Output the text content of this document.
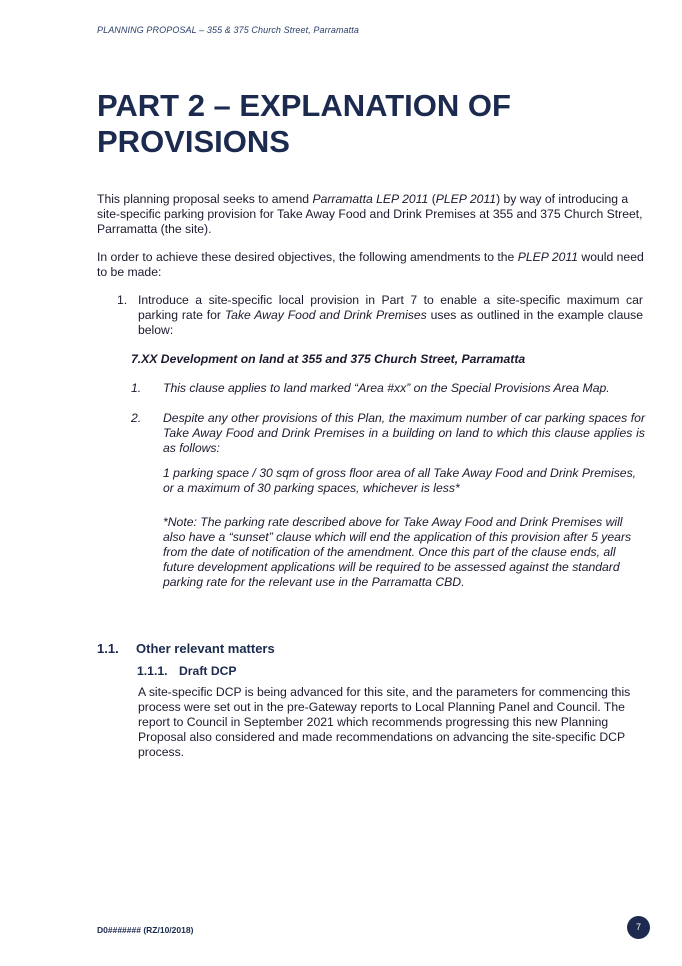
PLANNING PROPOSAL – 355 & 375 Church Street, Parramatta
PART 2 – EXPLANATION OF PROVISIONS

This planning proposal seeks to amend Parramatta LEP 2011 (PLEP 2011) by way of introducing a site-specific parking provision for Take Away Food and Drink Premises at 355 and 375 Church Street, Parramatta (the site).

In order to achieve these desired objectives, the following amendments to the PLEP 2011 would need to be made:

1. Introduce a site-specific local provision in Part 7 to enable a site-specific maximum car parking rate for Take Away Food and Drink Premises uses as outlined in the example clause below:
7.XX Development on land at 355 and 375 Church Street, Parramatta
1. This clause applies to land marked “Area #xx” on the Special Provisions Area Map.
2. Despite any other provisions of this Plan, the maximum number of car parking spaces for Take Away Food and Drink Premises in a building on land to which this clause applies is as follows:
1 parking space / 30 sqm of gross floor area of all Take Away Food and Drink Premises, or a maximum of 30 parking spaces, whichever is less*
*Note: The parking rate described above for Take Away Food and Drink Premises will also have a “sunset” clause which will end the application of this provision after 5 years from the date of notification of the amendment. Once this part of the clause ends, all future development applications will be required to be assessed against the standard parking rate for the relevant use in the Parramatta CBD.
1.1. Other relevant matters
1.1.1. Draft DCP

A site-specific DCP is being advanced for this site, and the parameters for commencing this process were set out in the pre-Gateway reports to Local Planning Panel and Council. The report to Council in September 2021 which recommends progressing this new Planning Proposal also considered and made recommendations on advancing the site-specific DCP process.

D0####### (RZ/10/2018)	7
